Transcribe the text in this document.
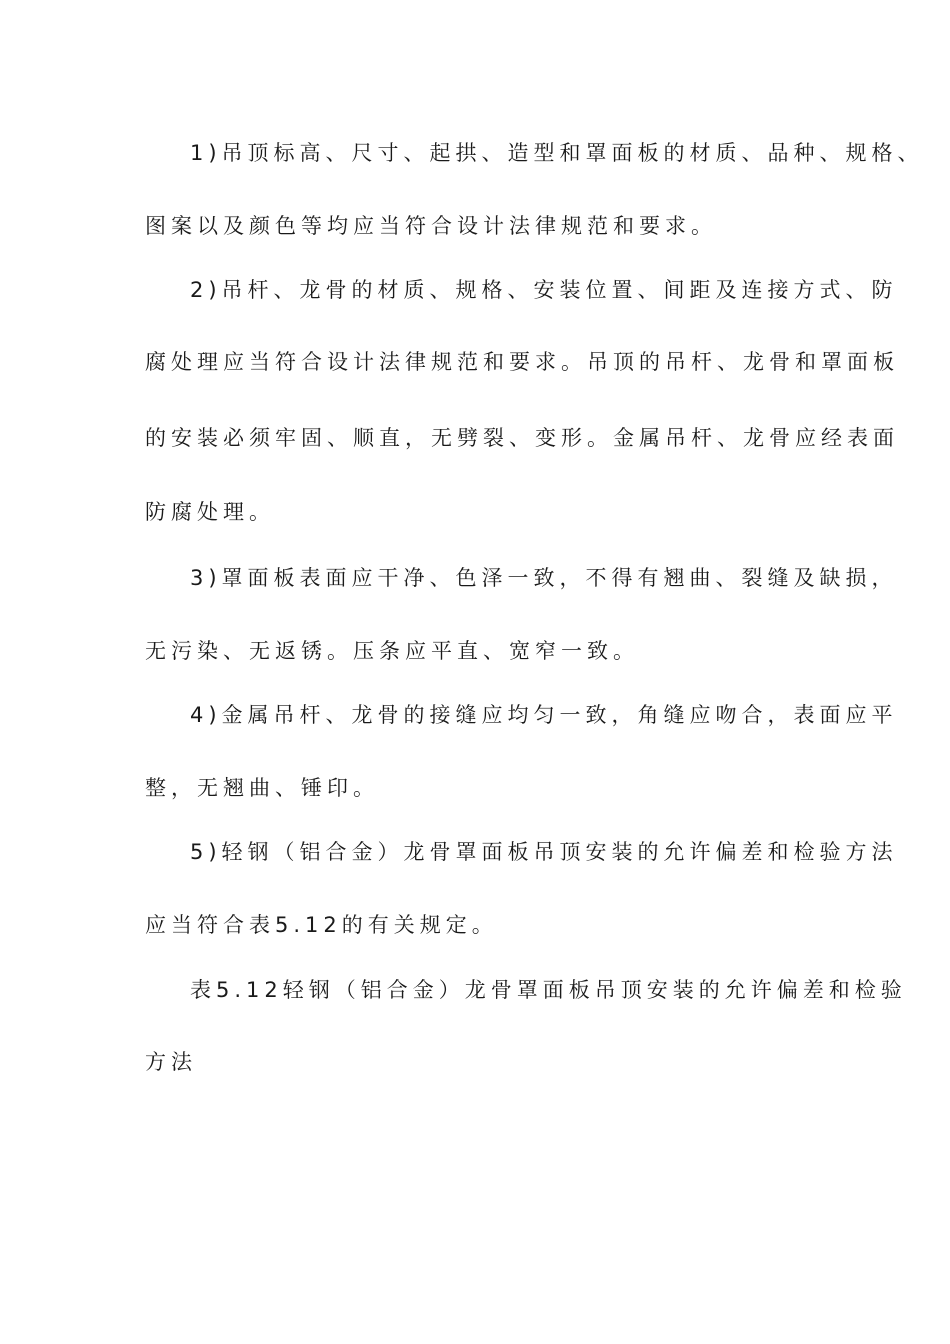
1)吊顶标高、尺寸、起拱、造型和罩面板的材质、品种、规格、
图案以及颜色等均应当符合设计法律规范和要求。
2)吊杆、龙骨的材质、规格、安装位置、间距及连接方式、防
腐处理应当符合设计法律规范和要求。吊顶的吊杆、龙骨和罩面板
的安装必须牢固、顺直，无劈裂、变形。金属吊杆、龙骨应经表面
防腐处理。
3)罩面板表面应干净、色泽一致，不得有翘曲、裂缝及缺损，
无污染、无返锈。压条应平直、宽窄一致。
4)金属吊杆、龙骨的接缝应均匀一致，角缝应吻合，表面应平
整，无翘曲、锤印。
5)轻钢（铝合金）龙骨罩面板吊顶安装的允许偏差和检验方法
应当符合表5.12的有关规定。
表5.12轻钢（铝合金）龙骨罩面板吊顶安装的允许偏差和检验
方法
